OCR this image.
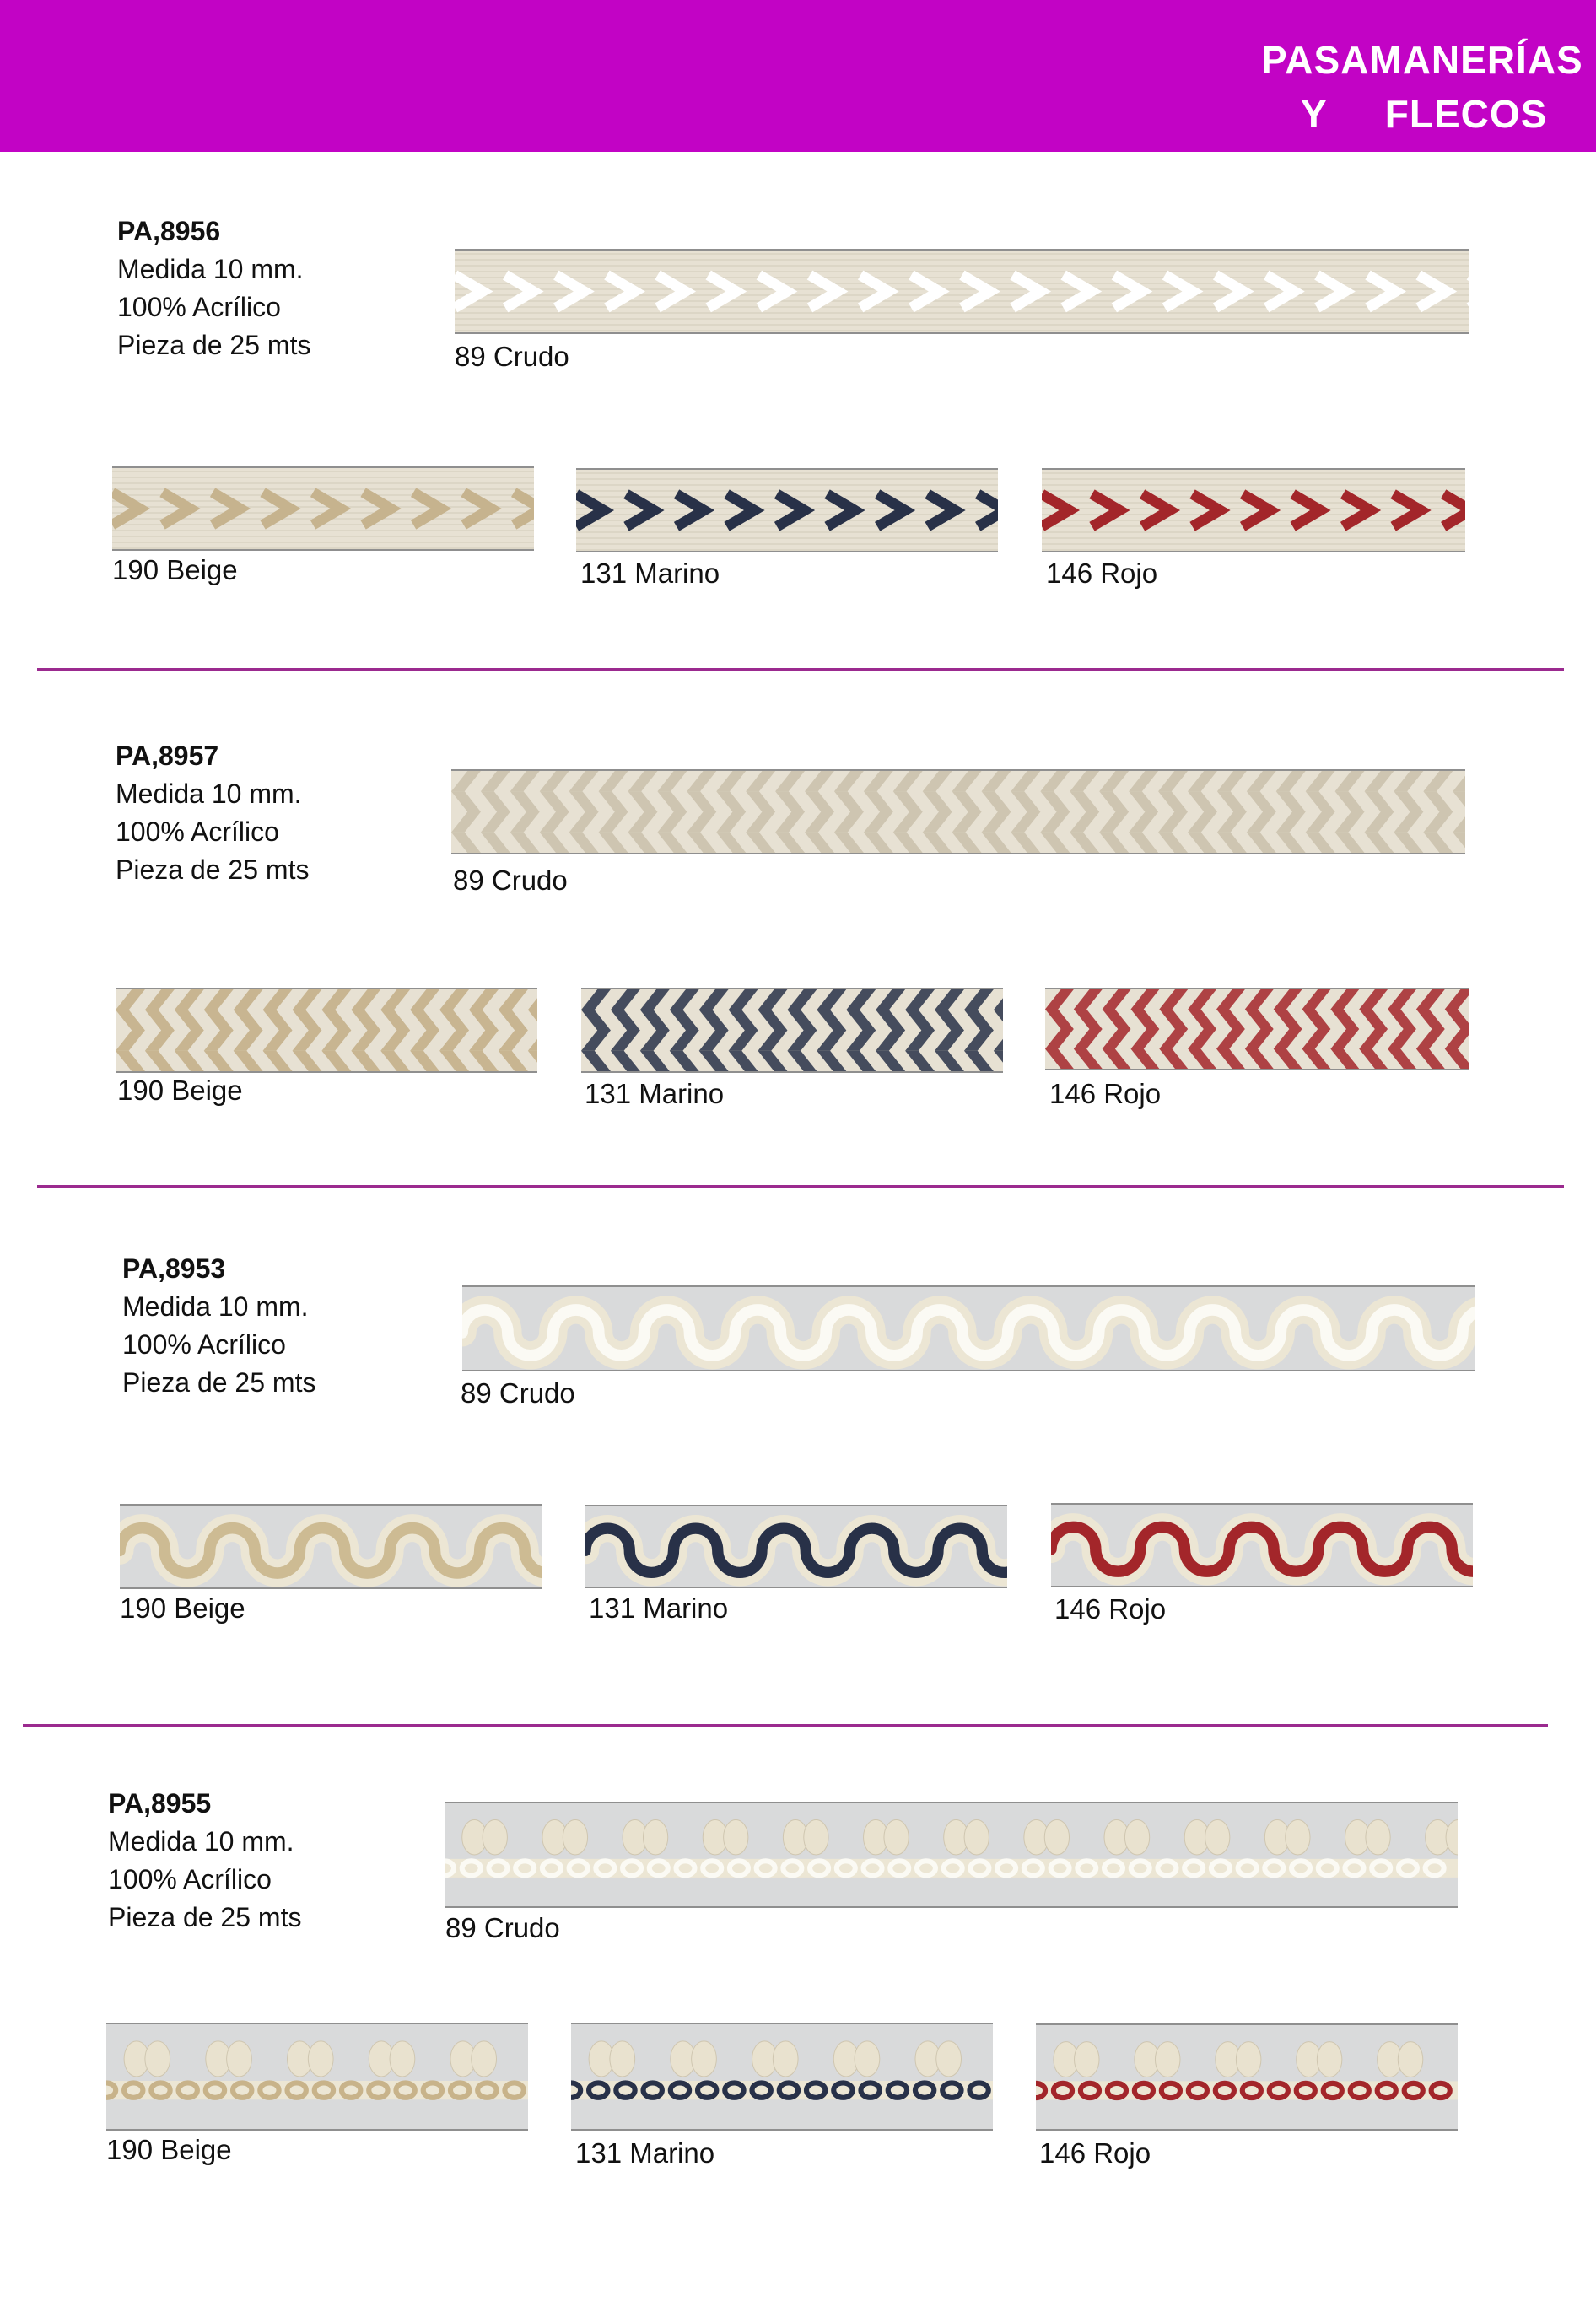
PASAMANERÍAS
Y     FLECOS
PA,8956
Medida 10 mm.
100% Acrílico
Pieza de 25 mts	89 Crudo
190 Beige	131 Marino	146 Rojo
PA,8957
Medida 10 mm.
100% Acrílico
Pieza de 25 mts	89 Crudo
190 Beige	131 Marino	146 Rojo
PA,8953
Medida 10 mm.
100% Acrílico
Pieza de 25 mts	89 Crudo
190 Beige	131 Marino	146 Rojo
PA,8955
Medida 10 mm.
100% Acrílico
Pieza de 25 mts	89 Crudo
190 Beige	131 Marino	146 Rojo
